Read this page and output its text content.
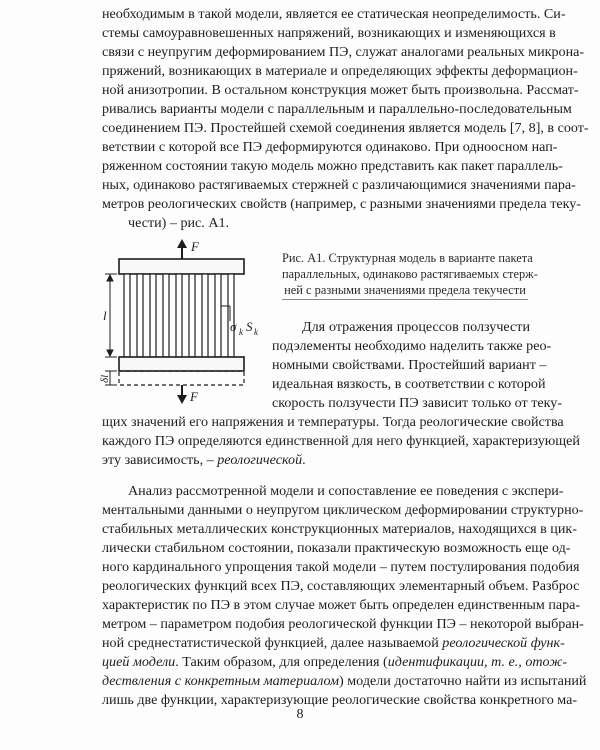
необходимым в такой модели, является ее статическая неопределимость. Си-
стемы самоуравновешенных напряжений, возникающих и изменяющихся в
связи с неупругим деформированием ПЭ, служат аналогами реальных микрона-
пряжений, возникающих в материале и определяющих эффекты деформацион-
ной анизотропии. В остальном конструкция может быть произвольна. Рассмат-
ривались варианты модели с параллельным и параллельно-последовательным
соединением ПЭ. Простейшей схемой соединения является модель [7, 8], в соот-
ветствии с которой все ПЭ деформируются одинаково. При одноосном нап-
ряженном состоянии такую модель можно представить как пакет параллель-
ных, одинаково растягиваемых стержней с различающимися значениями пара-
метров реологических свойств (например, с разными значениями предела теку-
чести) – рис. А1.
F
F
l
δl
σ k S k
Рис. А1. Структурная модель в варианте пакета
параллельных, одинаково растягиваемых стерж-
ней с разными значениями предела текучести
Для отражения процессов ползучести
подэлементы необходимо наделить также рео-
номными свойствами. Простейший вариант –
идеальная вязкость, в соответствии с которой
скорость ползучести ПЭ зависит только от теку-
щих значений его напряжения и температуры. Тогда реологические свойства
каждого ПЭ определяются единственной для него функцией, характеризующей
эту зависимость, – реологической.
Анализ рассмотренной модели и сопоставление ее поведения с экспери-
ментальными данными о неупругом циклическом деформировании структурно-
стабильных металлических конструкционных материалов, находящихся в цик-
лически стабильном состоянии, показали практическую возможность еще од-
ного кардинального упрощения такой модели – путем постулирования подобия
реологических функций всех ПЭ, составляющих элементарный объем. Разброс
характеристик по ПЭ в этом случае может быть определен единственным пара-
метром – параметром подобия реологической функции ПЭ – некоторой выбран-
ной среднестатистической функцией, далее называемой реологической функ-
цией модели. Таким образом, для определения (идентификации, т. е., отож-
дествления с конкретным материалом) модели достаточно найти из испытаний
лишь две функции, характеризующие реологические свойства конкретного ма-
8
